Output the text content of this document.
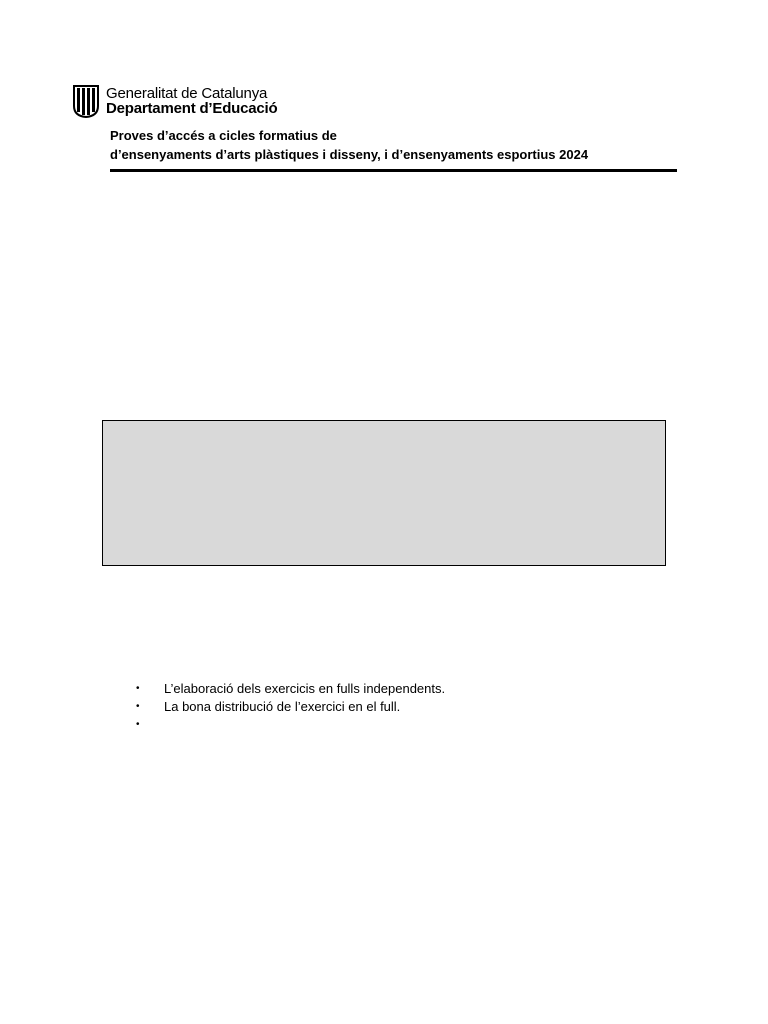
Generalitat de Catalunya
Departament d’Educació
Proves d’accés a cicles formatius de
d’ensenyaments d’arts plàstiques i disseny, i d’ensenyaments esportius 2024
• L’elaboració dels exercicis en fulls independents.
• La bona distribució de l’exercici en el full.
•
